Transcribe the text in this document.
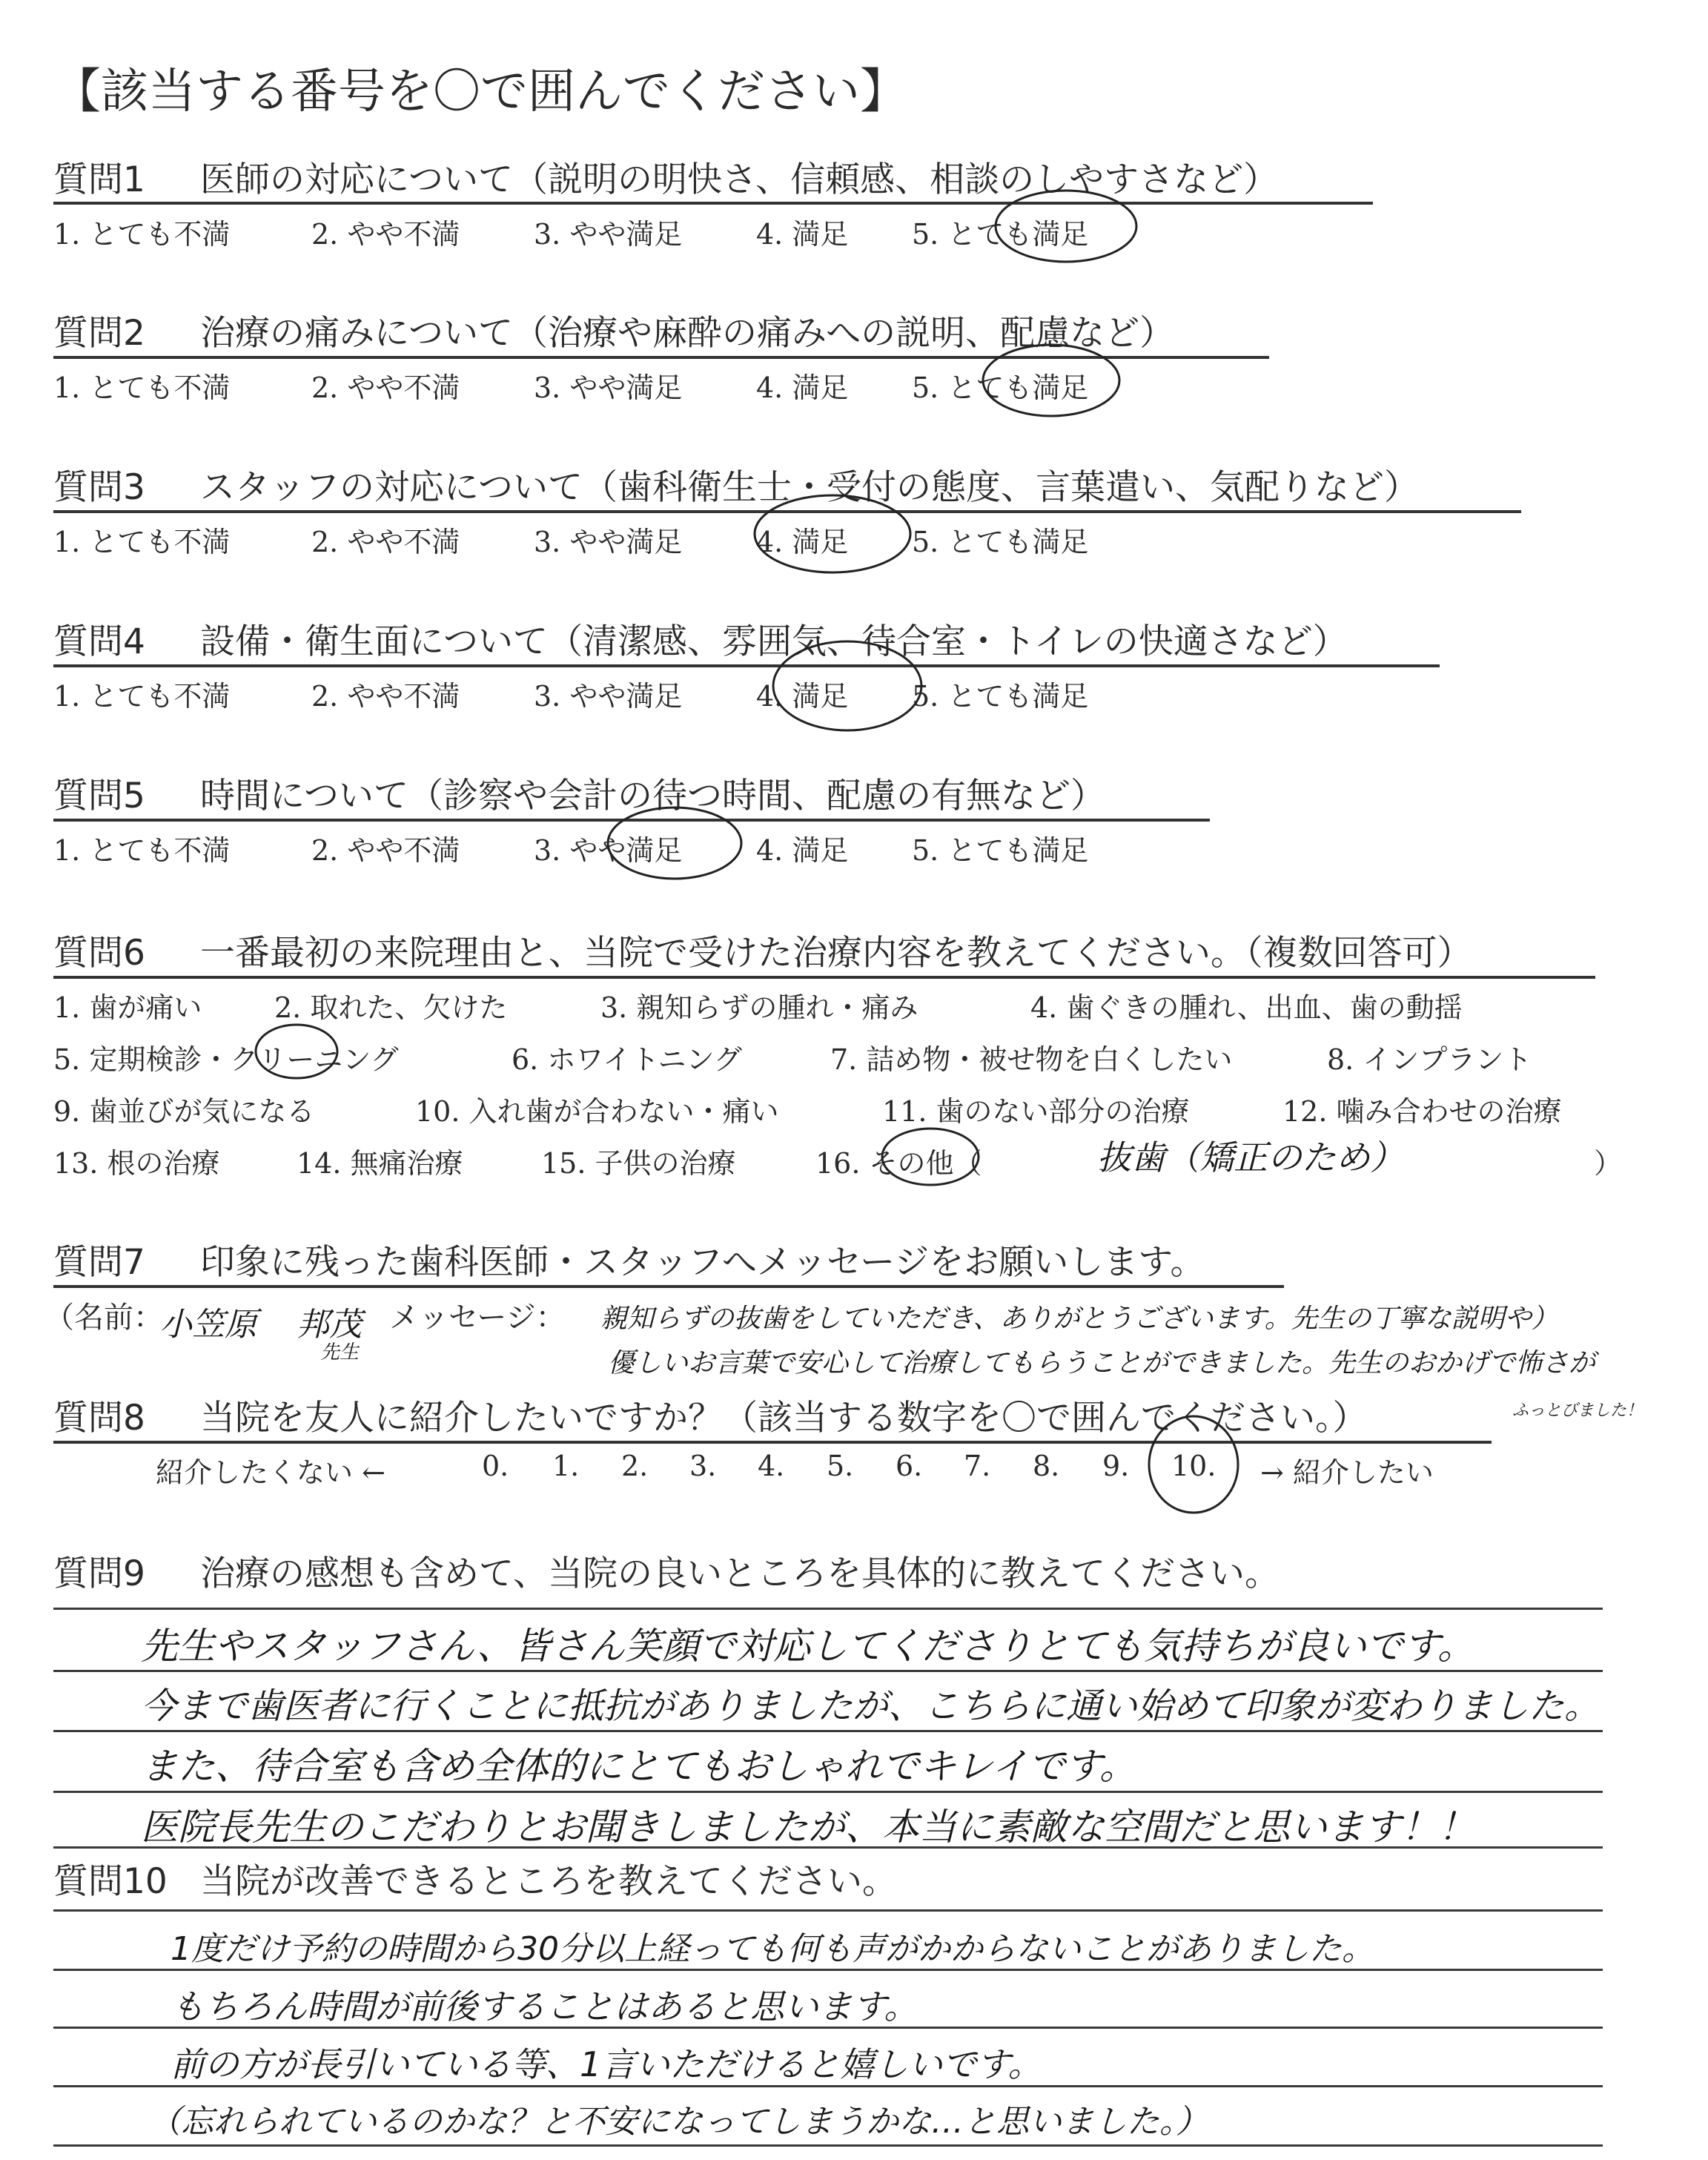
【該当する番号を〇で囲んでください】
質問1 医師の対応について（説明の明快さ、信頼感、相談のしやすさなど）
1. とても不満	2. やや不満	3. やや満足	4. 満足 5. とても満足
質問2 治療の痛みについて（治療や麻酔の痛みへの説明、配慮など）
1. とても不満	2. やや不満	3. やや満足	4. 満足 5. とても満足
質問3 スタッフの対応について（歯科衛生士・受付の態度、言葉遣い、気配りなど）
1. とても不満	2. やや不満	3. やや満足	4. 満足 5. とても満足
質問4 設備・衛生面について（清潔感、雰囲気、待合室・トイレの快適さなど）
1. とても不満	2. やや不満	3. やや満足	4. 満足 5. とても満足
質問5 時間について（診察や会計の待つ時間、配慮の有無など）
1. とても不満	2. やや不満	3. やや満足	4. 満足 5. とても満足
質問6 一番最初の来院理由と、当院で受けた治療内容を教えてください。（複数回答可）
1. 歯が痛い	2. 取れた、欠けた	3. 親知らずの腫れ・痛み	4. 歯ぐきの腫れ、出血、歯の動揺
5. 定期検診・クリーニング	6. ホワイトニング	7. 詰め物・被せ物を白くしたい	8. インプラント
9. 歯並びが気になる	10. 入れ歯が合わない・痛い	11. 歯のない部分の治療	12. 噛み合わせの治療
13. 根の治療	14. 無痛治療	15. 子供の治療	16. その他（	）
抜歯（矯正のため）
質問7 印象に残った歯科医師・スタッフへメッセージをお願いします。
（名前：
小笠原 邦茂
先生
メッセージ： 親知らずの抜歯をしていただき、ありがとうございます。先生の丁寧な説明や）
優しいお言葉で安心して治療してもらうことができました。先生のおかげで怖さが
ふっとびました！
質問8 当院を友人に紹介したいですか？（該当する数字を〇で囲んでください。）
紹介したくない ←	0. 1. 2. 3. 4. 5. 6. 7. 8. 9. 10. → 紹介したい
質問9 治療の感想も含めて、当院の良いところを具体的に教えてください。
先生やスタッフさん、皆さん笑顔で対応してくださりとても気持ちが良いです。
今まで歯医者に行くことに抵抗がありましたが、こちらに通い始めて印象が変わりました。
また、待合室も含め全体的にとてもおしゃれでキレイです。
医院長先生のこだわりとお聞きしましたが、本当に素敵な空間だと思います！！
質問10 当院が改善できるところを教えてください。
1度だけ予約の時間から30分以上経っても何も声がかからないことがありました。
もちろん時間が前後することはあると思います。
前の方が長引いている等、1言いただけると嬉しいです。
（忘れられているのかな？と不安になってしまうかな…と思いました。）
